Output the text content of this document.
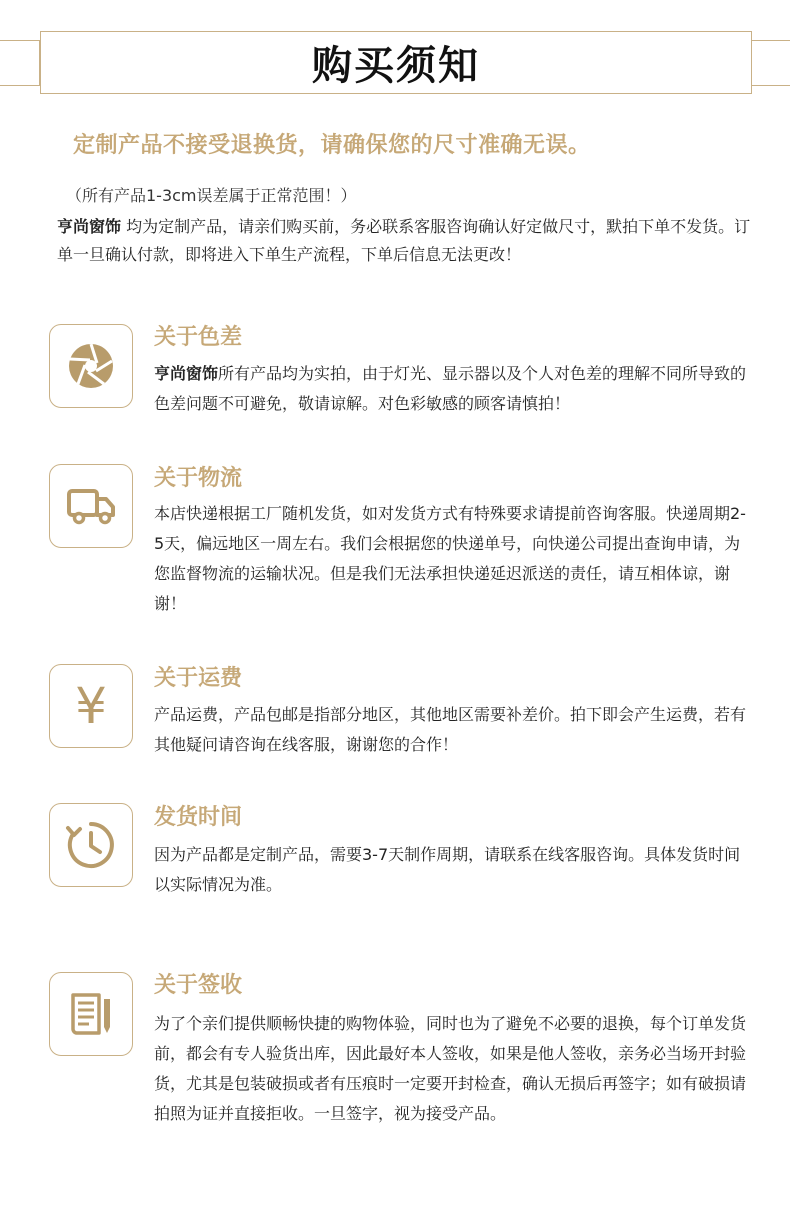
购买须知
定制产品不接受退换货，请确保您的尺寸准确无误。
（所有产品1-3cm误差属于正常范围！）
亨尚窗饰 均为定制产品，请亲们购买前，务必联系客服咨询确认好定做尺寸，默拍下单不发货。订单一旦确认付款，即将进入下单生产流程，下单后信息无法更改！
关于色差
亨尚窗饰所有产品均为实拍，由于灯光、显示器以及个人对色差的理解不同所导致的色差问题不可避免，敬请谅解。对色彩敏感的顾客请慎拍！
关于物流
本店快递根据工厂随机发货，如对发货方式有特殊要求请提前咨询客服。快递周期2-5天，偏远地区一周左右。我们会根据您的快递单号，向快递公司提出查询申请，为您监督物流的运输状况。但是我们无法承担快递延迟派送的责任，请互相体谅，谢谢！
¥ 关于运费
产品运费，产品包邮是指部分地区，其他地区需要补差价。拍下即会产生运费，若有其他疑问请咨询在线客服，谢谢您的合作！
发货时间
因为产品都是定制产品，需要3-7天制作周期，请联系在线客服咨询。具体发货时间以实际情况为准。
关于签收
为了个亲们提供顺畅快捷的购物体验，同时也为了避免不必要的退换，每个订单发货前，都会有专人验货出库，因此最好本人签收，如果是他人签收，亲务必当场开封验货，尤其是包装破损或者有压痕时一定要开封检查，确认无损后再签字；如有破损请拍照为证并直接拒收。一旦签字，视为接受产品。
